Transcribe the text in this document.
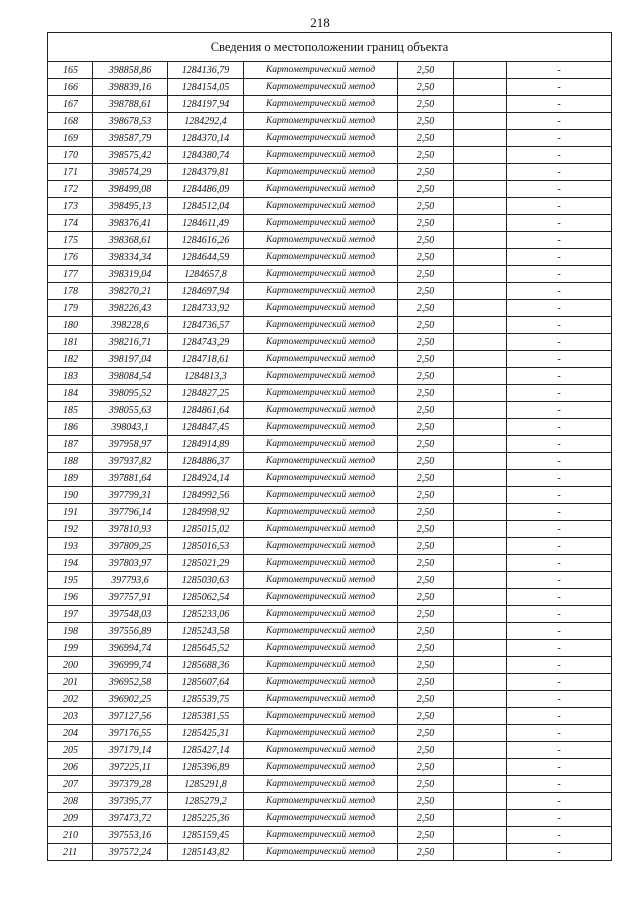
218
Сведения о местоположении границ объекта						
165	398858,86	1284136,79	Картометрический метод	2,50		-
166	398839,16	1284154,05	Картометрический метод	2,50		-
167	398788,61	1284197,94	Картометрический метод	2,50		-
168	398678,53	1284292,4	Картометрический метод	2,50		-
169	398587,79	1284370,14	Картометрический метод	2,50		-
170	398575,42	1284380,74	Картометрический метод	2,50		-
171	398574,29	1284379,81	Картометрический метод	2,50		-
172	398499,08	1284486,09	Картометрический метод	2,50		-
173	398495,13	1284512,04	Картометрический метод	2,50		-
174	398376,41	1284611,49	Картометрический метод	2,50		-
175	398368,61	1284616,26	Картометрический метод	2,50		-
176	398334,34	1284644,59	Картометрический метод	2,50		-
177	398319,04	1284657,8	Картометрический метод	2,50		-
178	398270,21	1284697,94	Картометрический метод	2,50		-
179	398226,43	1284733,92	Картометрический метод	2,50		-
180	398228,6	1284736,57	Картометрический метод	2,50		-
181	398216,71	1284743,29	Картометрический метод	2,50		-
182	398197,04	1284718,61	Картометрический метод	2,50		-
183	398084,54	1284813,3	Картометрический метод	2,50		-
184	398095,52	1284827,25	Картометрический метод	2,50		-
185	398055,63	1284861,64	Картометрический метод	2,50		-
186	398043,1	1284847,45	Картометрический метод	2,50		-
187	397958,97	1284914,89	Картометрический метод	2,50		-
188	397937,82	1284886,37	Картометрический метод	2,50		-
189	397881,64	1284924,14	Картометрический метод	2,50		-
190	397799,31	1284992,56	Картометрический метод	2,50		-
191	397796,14	1284998,92	Картометрический метод	2,50		-
192	397810,93	1285015,02	Картометрический метод	2,50		-
193	397809,25	1285016,53	Картометрический метод	2,50		-
194	397803,97	1285021,29	Картометрический метод	2,50		-
195	397793,6	1285030,63	Картометрический метод	2,50		-
196	397757,91	1285062,54	Картометрический метод	2,50		-
197	397548,03	1285233,06	Картометрический метод	2,50		-
198	397556,89	1285243,58	Картометрический метод	2,50		-
199	396994,74	1285645,52	Картометрический метод	2,50		-
200	396999,74	1285688,36	Картометрический метод	2,50		-
201	396952,58	1285607,64	Картометрический метод	2,50		-
202	396902,25	1285539,75	Картометрический метод	2,50		-
203	397127,56	1285381,55	Картометрический метод	2,50		-
204	397176,55	1285425,31	Картометрический метод	2,50		-
205	397179,14	1285427,14	Картометрический метод	2,50		-
206	397225,11	1285396,89	Картометрический метод	2,50		-
207	397379,28	1285291,8	Картометрический метод	2,50		-
208	397395,77	1285279,2	Картометрический метод	2,50		-
209	397473,72	1285225,36	Картометрический метод	2,50		-
210	397553,16	1285159,45	Картометрический метод	2,50		-
211	397572,24	1285143,82	Картометрический метод	2,50		-
